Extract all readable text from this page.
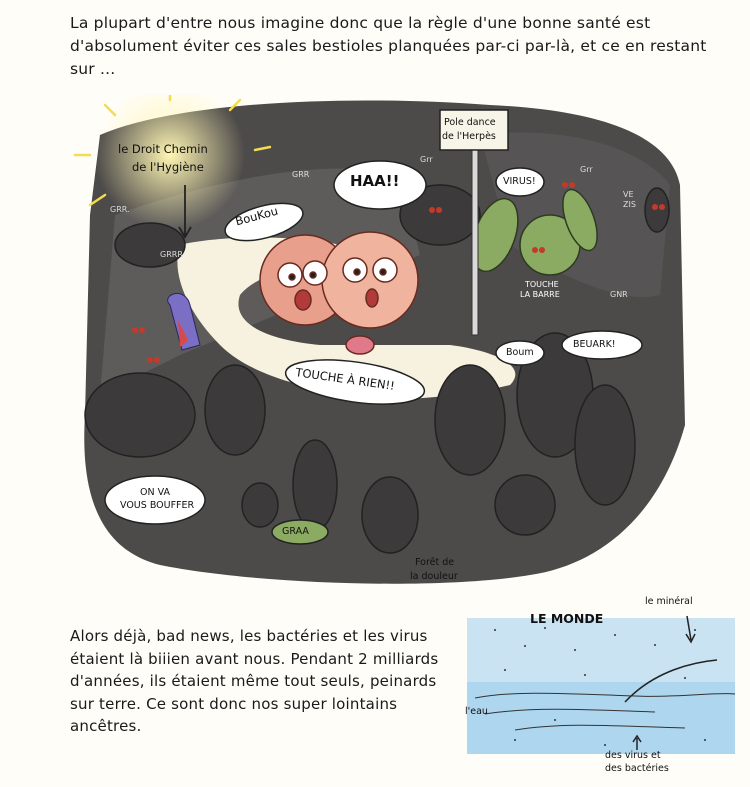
La plupart d'entre nous imagine donc que la règle d'une bonne santé est d'absolument éviter ces sales bestioles planquées par-ci par-là, et ce en restant sur ...
le Droit Chemin
de l'Hygiène
Pole dance
de l'Herpès
HAA!!
BouKou
TOUCHE À RIEN!!
VIRUS!
Boum
BEUARK!
ON VA
VOUS BOUFFER
GRAA
TOUCHE
LA BARRE
Grr
GRR.
Grr
GRR
GNR
GRRR
VE
ZIS
Forêt de
la douleur
Alors déjà, bad news, les bactéries et les virus étaient là biiien avant nous. Pendant 2 milliards d'années, ils étaient même tout seuls, peinards sur terre. Ce sont donc nos super lointains ancêtres.
LE MONDE
le minéral
l'eau
des virus et
des bactéries
